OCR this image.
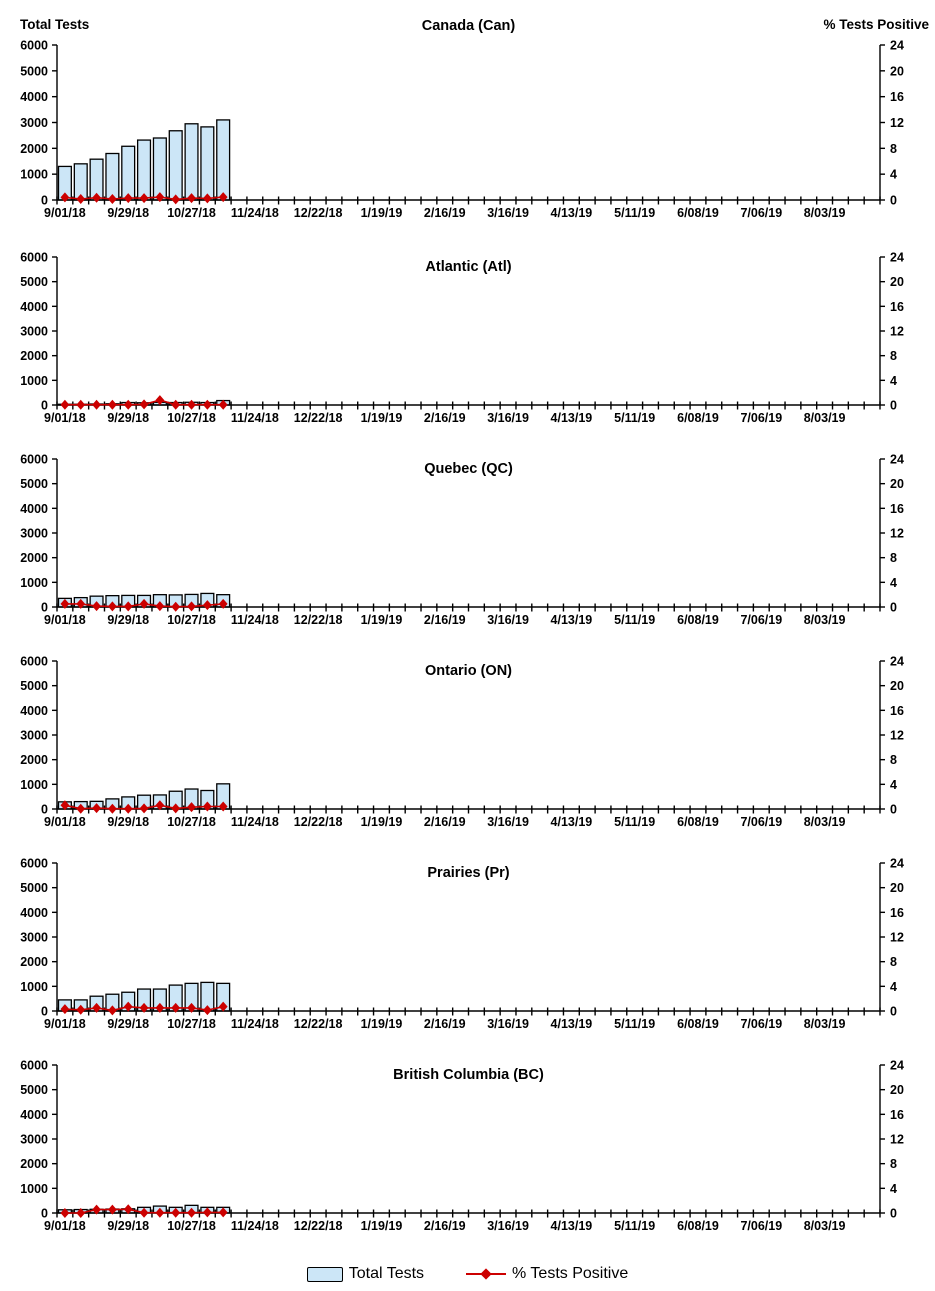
0
1000
2000
3000
4000
5000
6000
0
4
8
12
16
20
24
9/01/18 9/29/18 10/27/18 11/24/18 12/22/18 1/19/19 2/16/19 3/16/19 4/13/19 5/11/19 6/08/19 7/06/19 8/03/19
Total Tests	% Tests Positive
Canada (Can)
0
1000
2000
3000
4000
5000
6000
0
4
8
12
16
20
24
9/01/18 9/29/18 10/27/18 11/24/18 12/22/18 1/19/19 2/16/19 3/16/19 4/13/19 5/11/19 6/08/19 7/06/19 8/03/19
Atlantic (Atl)
0
1000
2000
3000
4000
5000
6000
0
4
8
12
16
20
24
9/01/18 9/29/18 10/27/18 11/24/18 12/22/18 1/19/19 2/16/19 3/16/19 4/13/19 5/11/19 6/08/19 7/06/19 8/03/19
Quebec (QC)
0
1000
2000
3000
4000
5000
6000
0
4
8
12
16
20
24
9/01/18 9/29/18 10/27/18 11/24/18 12/22/18 1/19/19 2/16/19 3/16/19 4/13/19 5/11/19 6/08/19 7/06/19 8/03/19
Ontario (ON)
0
1000
2000
3000
4000
5000
6000
0
4
8
12
16
20
24
9/01/18 9/29/18 10/27/18 11/24/18 12/22/18 1/19/19 2/16/19 3/16/19 4/13/19 5/11/19 6/08/19 7/06/19 8/03/19
Prairies (Pr)
0
1000
2000
3000
4000
5000
6000
0
4
8
12
16
20
24
9/01/18 9/29/18 10/27/18 11/24/18 12/22/18 1/19/19 2/16/19 3/16/19 4/13/19 5/11/19 6/08/19 7/06/19 8/03/19
British Columbia (BC)
Total Tests	% Tests Positive
